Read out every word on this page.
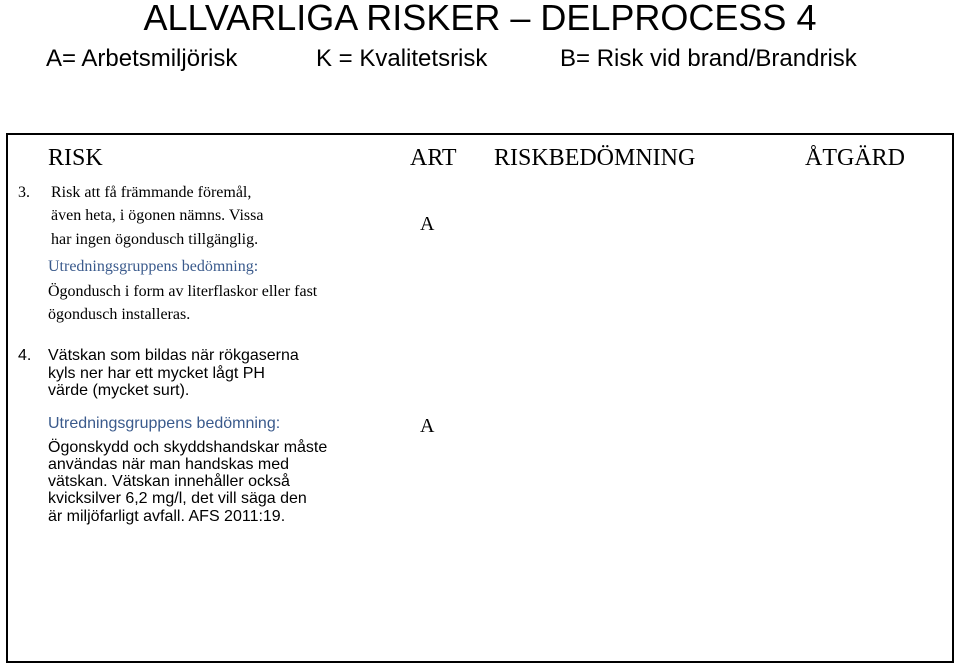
ALLVARLIGA RISKER – DELPROCESS 4
A= Arbetsmiljörisk	K = Kvalitetsrisk	B= Risk vid brand/Brandrisk
RISK	ART RISKBEDÖMNING	ÅTGÄRD
3. Risk att få främmande föremål,
även heta, i ögonen nämns. Vissa
har ingen ögondusch tillgänglig.
Utredningsgruppens bedömning:
Ögondusch i form av literflaskor eller fast
ögondusch installeras.
A
4. Vätskan som bildas när rökgaserna
kyls ner har ett mycket lågt PH
värde (mycket surt).
Utredningsgruppens bedömning:
Ögonskydd och skyddshandskar måste
användas när man handskas med
vätskan. Vätskan innehåller också
kvicksilver 6,2 mg/l, det vill säga den
är miljöfarligt avfall. AFS 2011:19.
A
